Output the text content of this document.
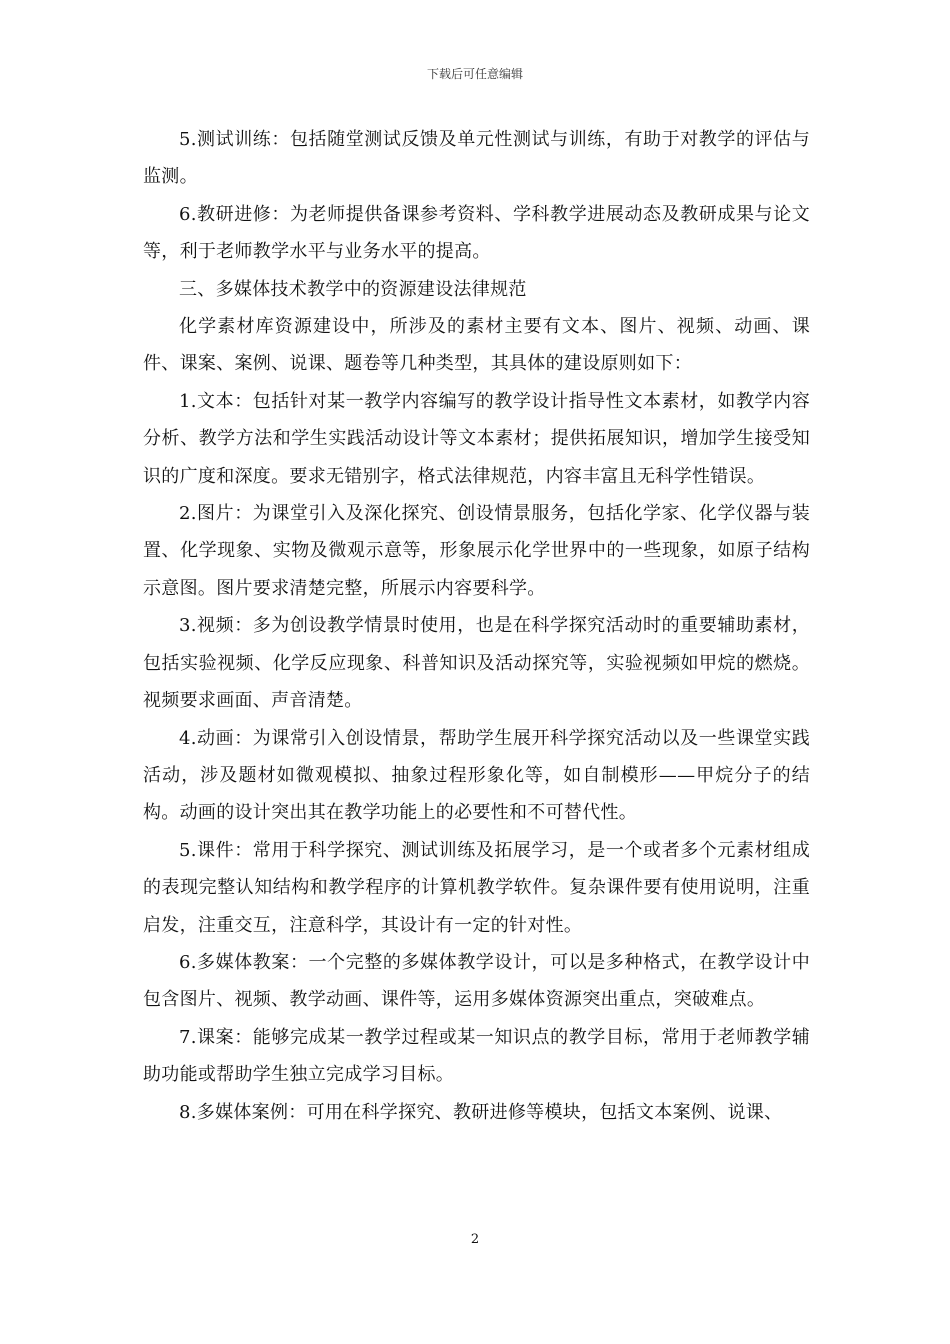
下载后可任意编辑

5.测试训练：包括随堂测试反馈及单元性测试与训练，有助于对教学的评估与监测。

6.教研进修：为老师提供备课参考资料、学科教学进展动态及教研成果与论文等，利于老师教学水平与业务水平的提高。

三、多媒体技术教学中的资源建设法律规范

化学素材库资源建设中，所涉及的素材主要有文本、图片、视频、动画、课件、课案、案例、说课、题卷等几种类型，其具体的建设原则如下：

1.文本：包括针对某一教学内容编写的教学设计指导性文本素材，如教学内容分析、教学方法和学生实践活动设计等文本素材；提供拓展知识，增加学生接受知识的广度和深度。要求无错别字，格式法律规范，内容丰富且无科学性错误。

2.图片：为课堂引入及深化探究、创设情景服务，包括化学家、化学仪器与装置、化学现象、实物及微观示意等，形象展示化学世界中的一些现象，如原子结构示意图。图片要求清楚完整，所展示内容要科学。

3.视频：多为创设教学情景时使用，也是在科学探究活动时的重要辅助素材，包括实验视频、化学反应现象、科普知识及活动探究等，实验视频如甲烷的燃烧。视频要求画面、声音清楚。

4.动画：为课常引入创设情景，帮助学生展开科学探究活动以及一些课堂实践活动，涉及题材如微观模拟、抽象过程形象化等，如自制模形——甲烷分子的结构。动画的设计突出其在教学功能上的必要性和不可替代性。

5.课件：常用于科学探究、测试训练及拓展学习，是一个或者多个元素材组成的表现完整认知结构和教学程序的计算机教学软件。复杂课件要有使用说明，注重启发，注重交互，注意科学，其设计有一定的针对性。

6.多媒体教案：一个完整的多媒体教学设计，可以是多种格式，在教学设计中包含图片、视频、教学动画、课件等，运用多媒体资源突出重点，突破难点。

7.课案：能够完成某一教学过程或某一知识点的教学目标，常用于老师教学辅助功能或帮助学生独立完成学习目标。

8.多媒体案例：可用在科学探究、教研进修等模块，包括文本案例、说课、

2
